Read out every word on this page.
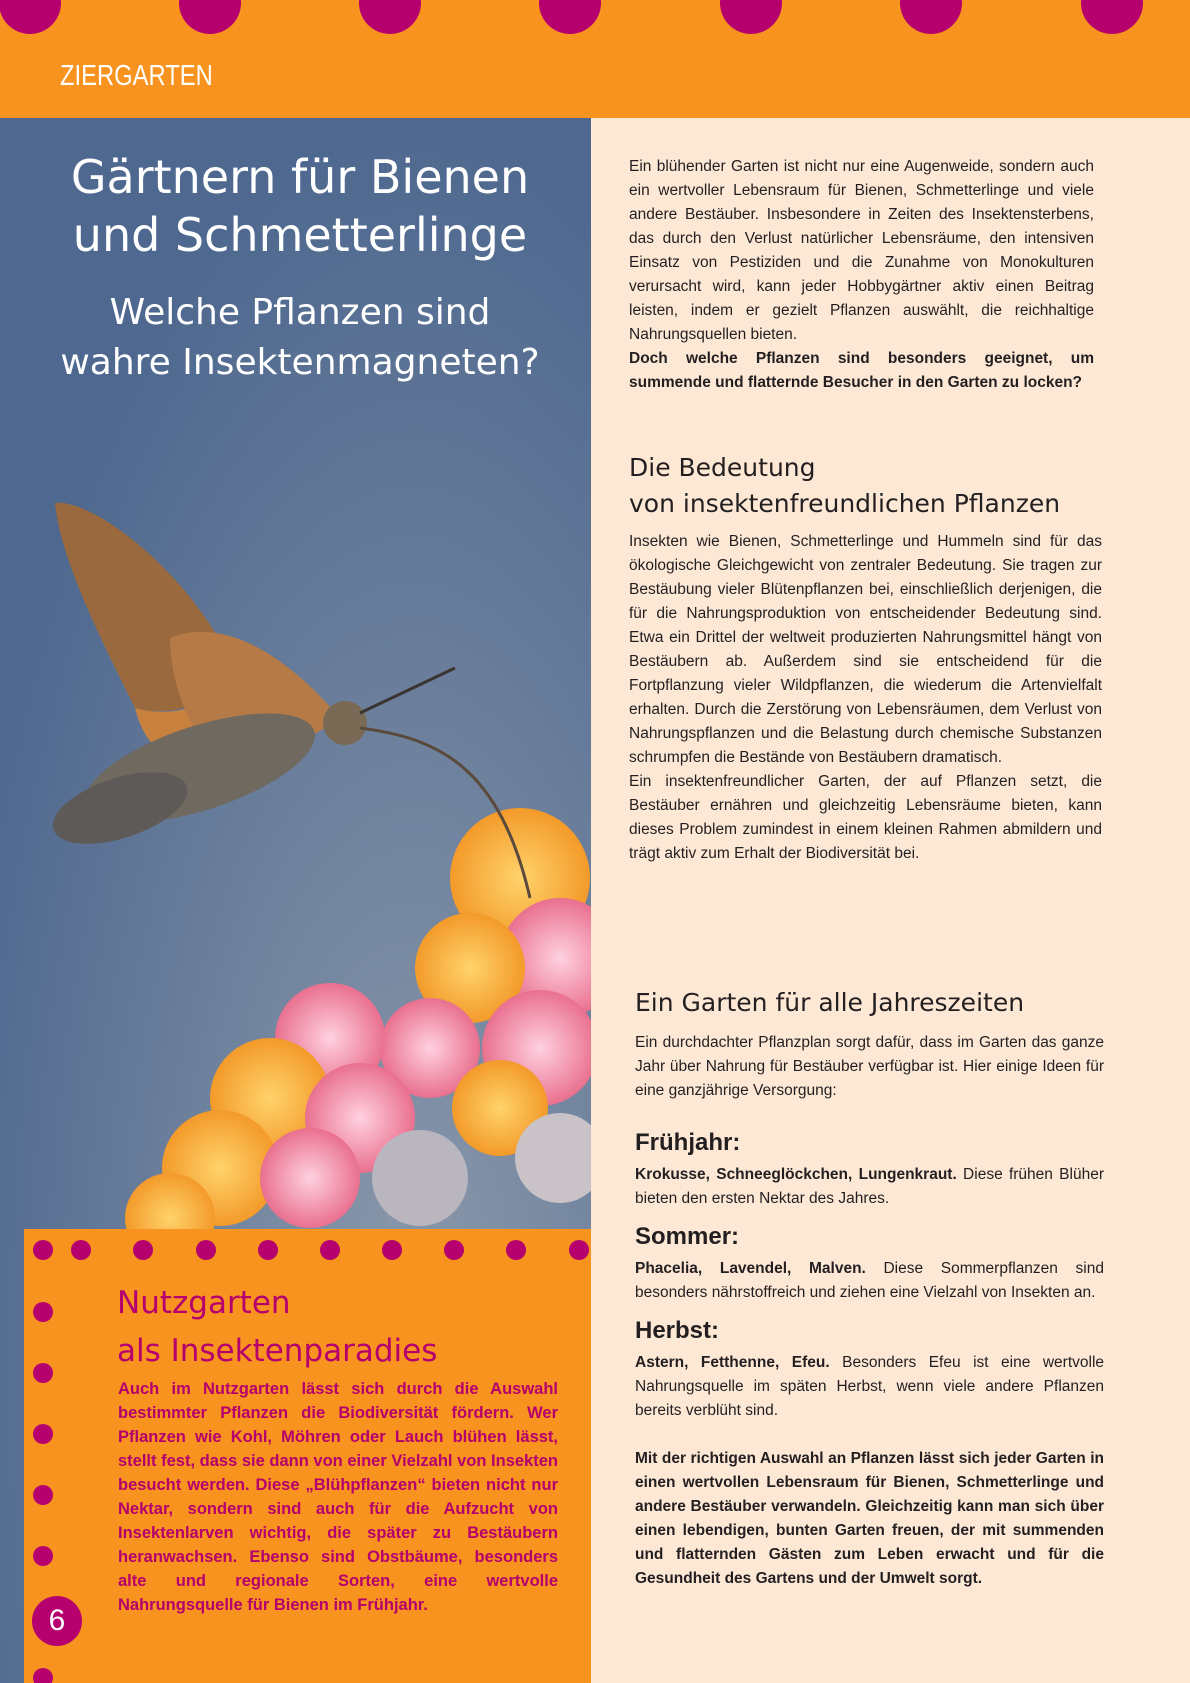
ZIERGARTEN
Gärtnern für Bienen und Schmetterlinge
Welche Pflanzen sind wahre Insektenmagneten?

Ein blühender Garten ist nicht nur eine Augenweide, sondern auch ein wertvoller Lebensraum für Bienen, Schmetterlinge und viele andere Bestäuber. Insbesondere in Zeiten des Insektensterbens, das durch den Verlust natürlicher Lebensräume, den intensiven Einsatz von Pestiziden und die Zunahme von Monokulturen verursacht wird, kann jeder Hobbygärtner aktiv einen Beitrag leisten, indem er gezielt Pflanzen auswählt, die reichhaltige Nahrungsquellen bieten.

Doch welche Pflanzen sind besonders geeignet, um summende und flatternde Besucher in den Garten zu locken?

Die Bedeutung
von insektenfreundlichen Pflanzen

Insekten wie Bienen, Schmetterlinge und Hummeln sind für das ökologische Gleichgewicht von zentraler Bedeutung. Sie tragen zur Bestäubung vieler Blütenpflanzen bei, einschließlich derjenigen, die für die Nahrungsproduktion von entscheidender Bedeutung sind. Etwa ein Drittel der weltweit produzierten Nahrungsmittel hängt von Bestäubern ab. Außerdem sind sie entscheidend für die Fortpflanzung vieler Wildpflanzen, die wiederum die Artenvielfalt erhalten. Durch die Zerstörung von Lebensräumen, dem Verlust von Nahrungspflanzen und die Belastung durch chemische Substanzen schrumpfen die Bestände von Bestäubern dramatisch.

Ein insektenfreundlicher Garten, der auf Pflanzen setzt, die Bestäuber ernähren und gleichzeitig Lebensräume bieten, kann dieses Problem zumindest in einem kleinen Rahmen abmildern und trägt aktiv zum Erhalt der Biodiversität bei.

Ein Garten für alle Jahreszeiten

Ein durchdachter Pflanzplan sorgt dafür, dass im Garten das ganze Jahr über Nahrung für Bestäuber verfügbar ist. Hier einige Ideen für eine ganzjährige Versorgung:

Frühjahr:

Krokusse, Schneeglöckchen, Lungenkraut. Diese frühen Blüher bieten den ersten Nektar des Jahres.

Sommer:

Phacelia, Lavendel, Malven. Diese Sommerpflanzen sind besonders nährstoffreich und ziehen eine Vielzahl von Insekten an.

Herbst:

Astern, Fetthenne, Efeu. Besonders Efeu ist eine wertvolle Nahrungsquelle im späten Herbst, wenn viele andere Pflanzen bereits verblüht sind.

Mit der richtigen Auswahl an Pflanzen lässt sich jeder Garten in einen wertvollen Lebensraum für Bienen, Schmetterlinge und andere Bestäuber verwandeln. Gleichzeitig kann man sich über einen lebendigen, bunten Garten freuen, der mit summenden und flatternden Gästen zum Leben erwacht und für die Gesundheit des Gartens und der Umwelt sorgt.

Nutzgarten
als Insektenparadies
Auch im Nutzgarten lässt sich durch die Auswahl bestimmter Pflanzen die Biodiversität fördern. Wer Pflanzen wie Kohl, Möhren oder Lauch blühen lässt, stellt fest, dass sie dann von einer Vielzahl von Insekten besucht werden. Diese „Blühpflanzen“ bieten nicht nur Nektar, sondern sind auch für die Aufzucht von Insektenlarven wichtig, die später zu Bestäubern heranwachsen. Ebenso sind Obstbäume, besonders alte und regionale Sorten, eine wertvolle Nahrungsquelle für Bienen im Frühjahr.
6
